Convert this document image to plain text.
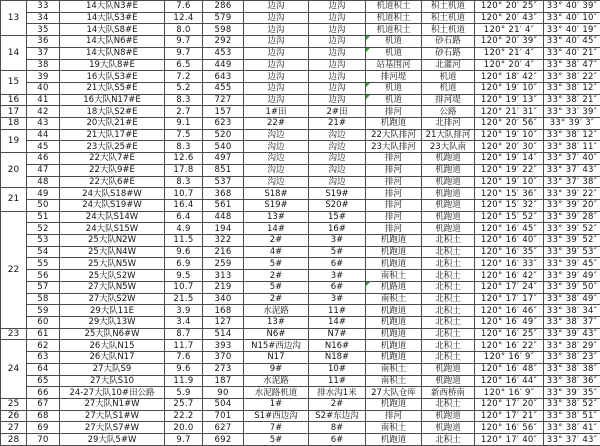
13	33	14大队N3#E	7.6	286	边沟	边沟	机道积土	积土机道	120° 20′ 25″	33° 40′ 39″
	34	14大队S3#E	12.4	579	边沟	边沟	机道积土	积土机道	120° 20′ 43″	33° 40′ 10″
	35	14大队S8#E	8.0	598	边沟	边沟	机道积土	积土机道	120° 21′ 4″	33° 40′ 19″
14	36	14大队N6#E	9.7	292	边沟	边沟	机道	砂石路	120° 20′ 39″	33° 40′ 45″
	37	14大队N8#E	9.7	453	边沟	边沟	机道	砂石路	120° 21′ 4″	33° 40′ 21″
	38	19大队8#E	6.5	449	边沟	边沟	站基围河	北灌河	120° 20′ 4″	33° 38′ 47″
15	39	16大队S3#E	7.2	643	边沟	边沟	排河堤	机道	120° 18′ 42″	33° 38′ 22″
	40	21大队S5#E	5.2	455	边沟	边沟	机道	机道	120° 19′ 10″	33° 38′ 12″
16	41	16大队N17#E	8.3	727	边沟	边沟	机道	排河堤	120° 19′ 13″	33° 38′ 21″
17	42	18大队S2#E	2.7	157	1#田	2#田	排河	公路	120° 21′ 31″	33° 33′ 39″
18	43	20大队21#E	9.1	623	22#	21#	机跑道	北排河	120° 20′ 56″	33° 39′ 3″
19	44	21大队17#E	7.5	520	沟边	沟边	22大队排河	21大队排河	120° 19′ 10″	33° 38′ 12″
	45	23大队25#E	8.3	540	沟边	沟边	23大队排河	23大队南	120° 20′ 30″	33° 38′ 11″
20	46	22大队7#E	12.6	497	沟边	沟边	排河	机跑道	120° 19′ 14″	33° 37′ 40″
	47	22大队9#E	17.8	851	沟边	沟边	排河	机跑道	120° 19′ 22″	33° 37′ 43″
	48	22大队6#E	8.3	537	沟边	沟边	排河	机跑道	120° 19′ 10″	33° 37′ 38″
21	49	24大队S18#W	10.7	368	S18#	S19#	排河	机跑道	120° 15′ 36″	33° 39′ 22″
	50	24大队S19#W	16.4	561	S19#	S20#	排河	机跑道	120° 15′ 32″	33° 39′ 20″
22	51	24大队S14W	6.4	448	13#	15#	排河	机跑道	120° 15′ 52″	33° 39′ 28″
	52	24大队S15W	4.9	194	14#	16#	排河	机跑道	120° 16′ 45″	33° 39′ 52″
	53	25大队N2W	11.5	322	2#	3#	机跑道	北积土	120° 16′ 40″	33° 39′ 52″
	54	25大队N4W	9.6	216	4#	5#	机跑道	北积土	120° 16′ 35″	33° 39′ 53″
	55	25大队N5W	6.9	259	5#	6#	机跑道	北积土	120° 16′ 33″	33° 39′ 45″
	56	25大队S2W	9.5	313	2#	3#	南积土	北积土	120° 16′ 42″	33° 39′ 49″
	57	27大队N5W	10.7	219	5#	6#	机路道	北积土	120° 17′ 24″	33° 39′ 50″
	58	27大队S2W	21.5	340	2#	3#	南积土	北积土	120° 17′ 17″	33° 38′ 49″
	59	29大队11E	3.9	168	水泥路	11#	机跑道	北积土	120° 16′ 46″	33° 38′ 34″
	60	29大队13W	3.4	127	13#	14#	机跑道	北积土	120° 16′ 49″	33° 38′ 37″
23	61	25大队N6#W	8.7	514	N6#	N7#	机跑道	北积土	120° 16′ 25″	33° 39′ 43″
24	62	26大队N15	11.7	393	N15#西边沟	N16#	机跑道	北积土	120° 16′ 22″	33° 38′ 29″
	63	26大队N17	7.6	370	N17	N18#	机跑道	北积土	120° 16′ 9″	33° 38′ 23″
	64	27大队S9	9.6	273	9#	10#	南积土	机跑道	120° 16′ 48″	33° 38′ 38″
	65	27大队S10	11.9	187	水泥路	11#	南积土	机跑道	120° 16′ 44″	33° 38′ 36″
	66	24-27大队10#田公路	5.9	90	水泥路机道	排水沟1米	27大队仓库	新西桥南	120° 16′ 9″	33° 39′ 35″
25	67	27大队N1#W	25.7	504	1#	2#	机跑道	北积土	120° 17′ 20″	33° 38′ 52″
26	68	27大队S1#W	22.2	701	S1#西边沟	S2#东边沟	排河	机跑道	120° 17′ 21″	33° 38′ 51″
27	69	27大队S7#W	20.0	627	7#	8#	南积土	机跑道	120° 16′ 56″	33° 38′ 41″
28	70	29大队5#W	9.7	692	5#	6#	机跑道	北积土	120° 17′ 40″	33° 37′ 43″
